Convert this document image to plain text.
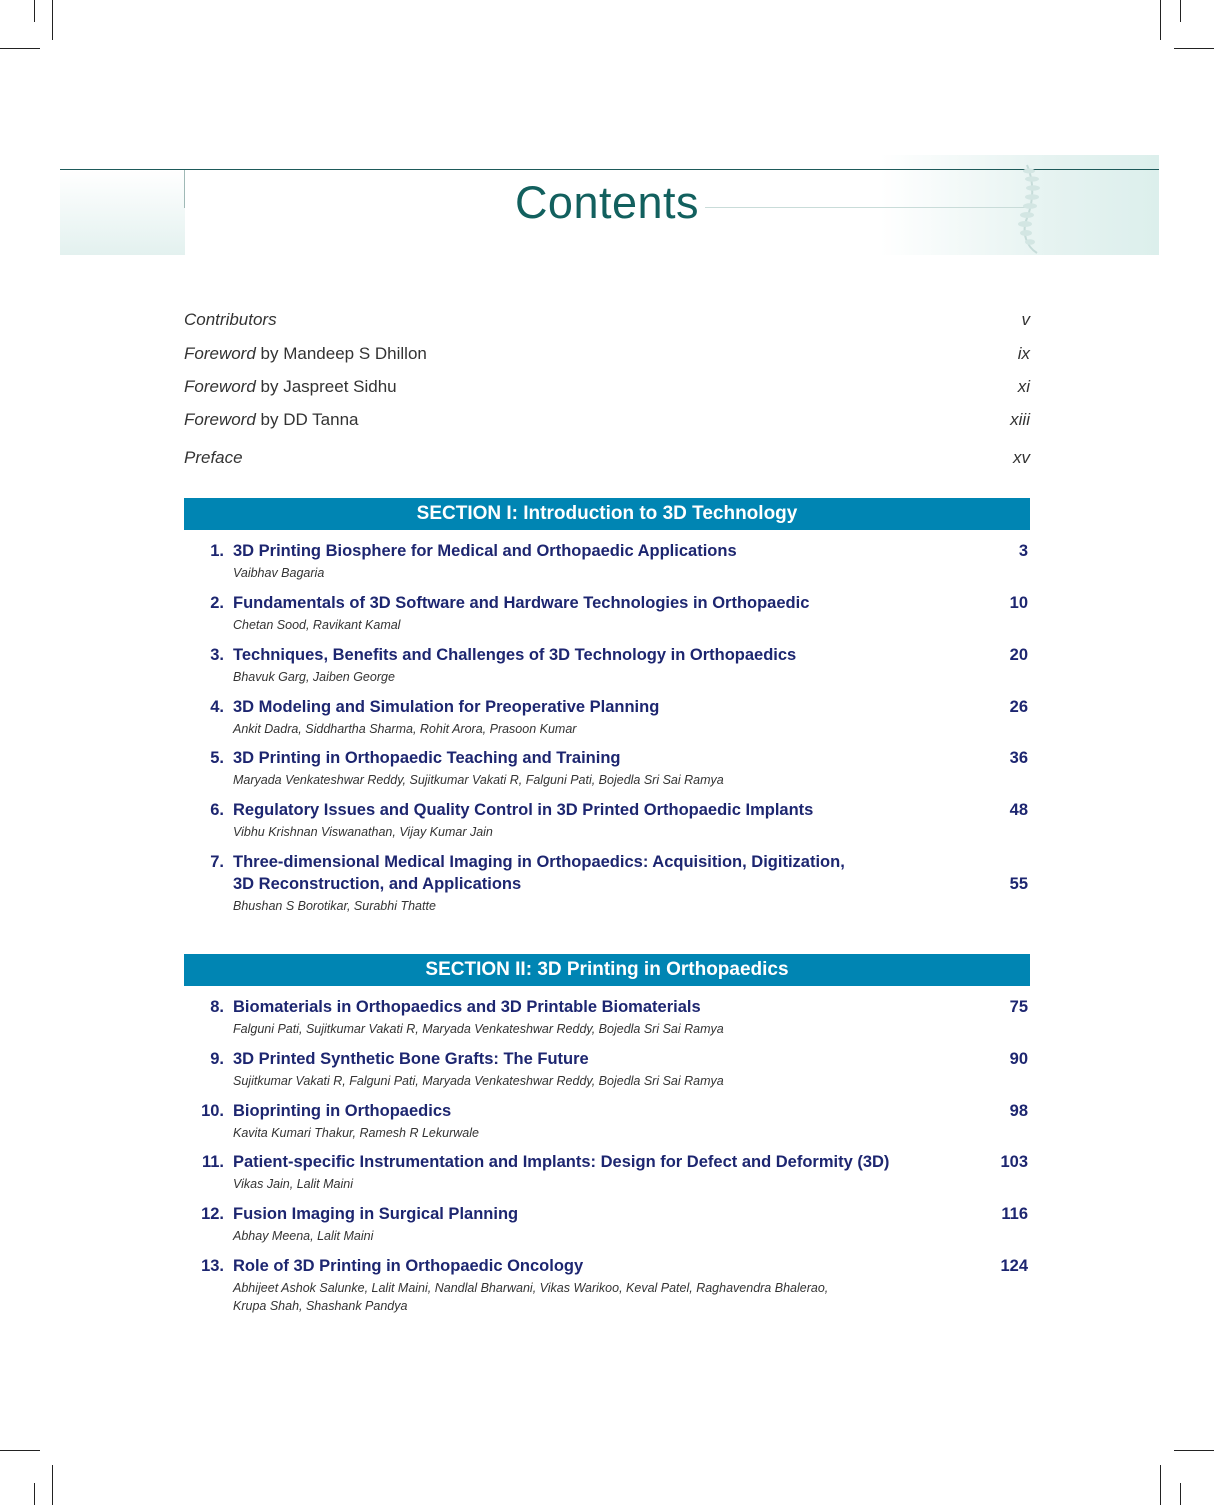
Contents
Contributors	v
Foreword by Mandeep S Dhillon	ix
Foreword by Jaspreet Sidhu	xi
Foreword by DD Tanna	xiii
Preface	xv
SECTION I: Introduction to 3D Technology
1. 3D Printing Biosphere for Medical and Orthopaedic Applications	3
Vaibhav Bagaria
2. Fundamentals of 3D Software and Hardware Technologies in Orthopaedic	10
Chetan Sood, Ravikant Kamal
3. Techniques, Benefits and Challenges of 3D Technology in Orthopaedics	20
Bhavuk Garg, Jaiben George
4. 3D Modeling and Simulation for Preoperative Planning	26
Ankit Dadra, Siddhartha Sharma, Rohit Arora, Prasoon Kumar
5. 3D Printing in Orthopaedic Teaching and Training	36
Maryada Venkateshwar Reddy, Sujitkumar Vakati R, Falguni Pati, Bojedla Sri Sai Ramya
6. Regulatory Issues and Quality Control in 3D Printed Orthopaedic Implants	48
Vibhu Krishnan Viswanathan, Vijay Kumar Jain
7. Three-dimensional Medical Imaging in Orthopaedics: Acquisition, Digitization,
3D Reconstruction, and Applications	55
Bhushan S Borotikar, Surabhi Thatte
SECTION II: 3D Printing in Orthopaedics
8. Biomaterials in Orthopaedics and 3D Printable Biomaterials	75
Falguni Pati, Sujitkumar Vakati R, Maryada Venkateshwar Reddy, Bojedla Sri Sai Ramya
9. 3D Printed Synthetic Bone Grafts: The Future	90
Sujitkumar Vakati R, Falguni Pati, Maryada Venkateshwar Reddy, Bojedla Sri Sai Ramya
10. Bioprinting in Orthopaedics	98
Kavita Kumari Thakur, Ramesh R Lekurwale
11. Patient-specific Instrumentation and Implants: Design for Defect and Deformity (3D)	103
Vikas Jain, Lalit Maini
12. Fusion Imaging in Surgical Planning	116
Abhay Meena, Lalit Maini
13. Role of 3D Printing in Orthopaedic Oncology	124
Abhijeet Ashok Salunke, Lalit Maini, Nandlal Bharwani, Vikas Warikoo, Keval Patel, Raghavendra Bhalerao,
Krupa Shah, Shashank Pandya
